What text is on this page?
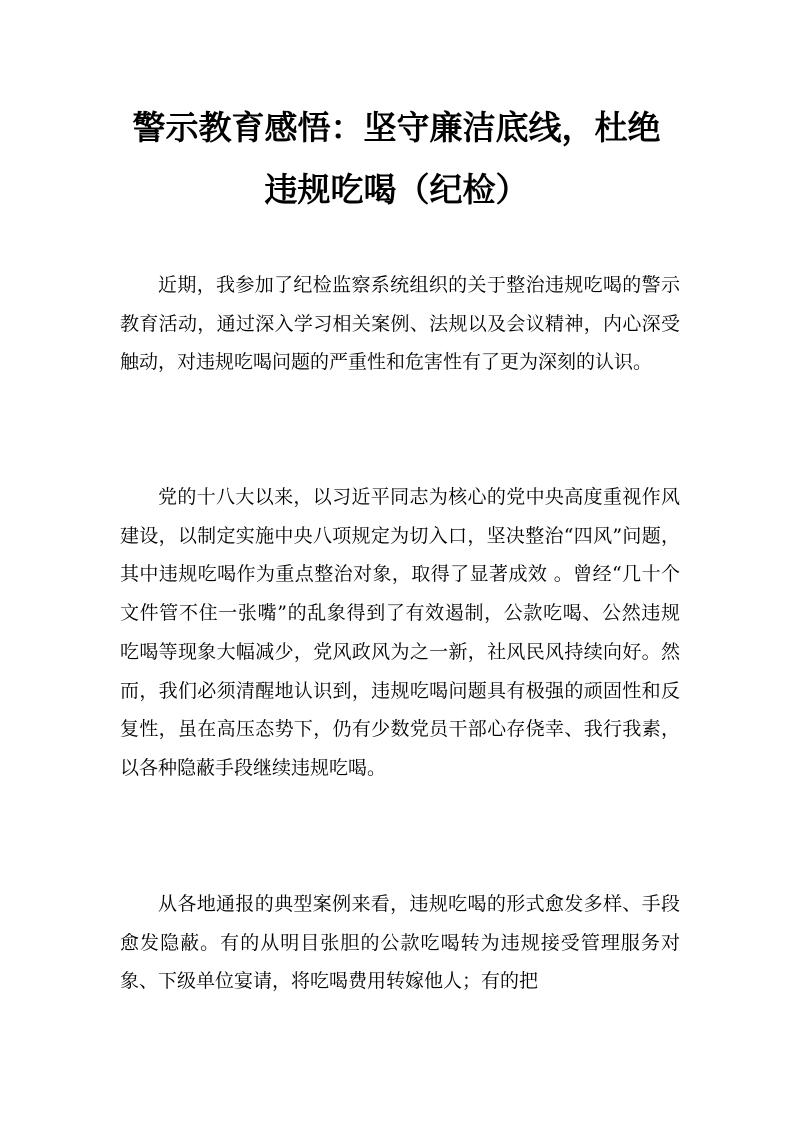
警示教育感悟：坚守廉洁底线，杜绝
违规吃喝（纪检）

近期，我参加了纪检监察系统组织的关于整治违规吃喝的警示教育活动，通过深入学习相关案例、法规以及会议精神，内心深受触动，对违规吃喝问题的严重性和危害性有了更为深刻的认识。

党的十八大以来，以习近平同志为核心的党中央高度重视作风建设，以制定实施中央八项规定为切入口，坚决整治“四风”问题，其中违规吃喝作为重点整治对象，取得了显著成效 。曾经“几十个文件管不住一张嘴”的乱象得到了有效遏制，公款吃喝、公然违规吃喝等现象大幅减少，党风政风为之一新，社风民风持续向好。然而，我们必须清醒地认识到，违规吃喝问题具有极强的顽固性和反复性，虽在高压态势下，仍有少数党员干部心存侥幸、我行我素，以各种隐蔽手段继续违规吃喝。

从各地通报的典型案例来看，违规吃喝的形式愈发多样、手段愈发隐蔽。有的从明目张胆的公款吃喝转为违规接受管理服务对象、下级单位宴请，将吃喝费用转嫁他人；有的把
